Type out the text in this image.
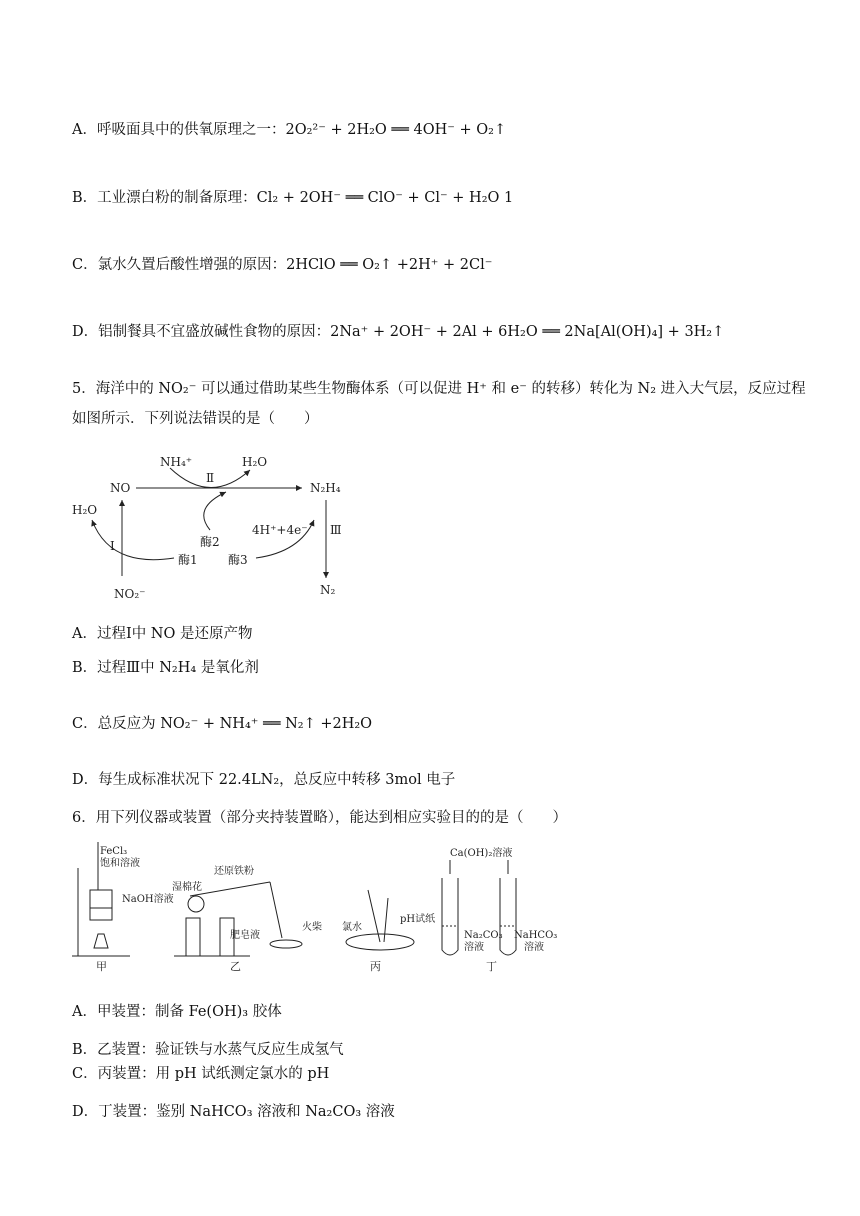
A．呼吸面具中的供氧原理之一：2O₂²⁻ + 2H₂O ══ 4OH⁻ + O₂↑
B．工业漂白粉的制备原理：Cl₂ + 2OH⁻ ══ ClO⁻ + Cl⁻ + H₂O 1
C．氯水久置后酸性增强的原因：2HClO ══ O₂↑ +2H⁺ + 2Cl⁻
D．铝制餐具不宜盛放碱性食物的原因：2Na⁺ + 2OH⁻ + 2Al + 6H₂O ══ 2Na[Al(OH)₄] + 3H₂↑
5．海洋中的 NO₂⁻ 可以通过借助某些生物酶体系（可以促进 H⁺ 和 e⁻ 的转移）转化为 N₂ 进入大气层，反应过程如图所示．下列说法错误的是（　　）
NO
H₂O
NO₂⁻
NH₄⁺	H₂O
N₂H₄
N₂
4H⁺+4e⁻
Ⅰ
Ⅱ
Ⅲ
酶1
酶2
酶3
A．过程Ⅰ中 NO 是还原产物
B．过程Ⅲ中 N₂H₄ 是氧化剂
C．总反应为 NO₂⁻ + NH₄⁺ ══ N₂↑ +2H₂O
D．每生成标准状况下 22.4LN₂，总反应中转移 3mol 电子
6．用下列仪器或装置（部分夹持装置略），能达到相应实验目的的是（　　）
FeCl₃
饱和溶液
NaOH溶液
湿棉花
还原铁粉
肥皂液
火柴 氯水
pH试纸
Ca(OH)₂溶液
Na₂CO₃
溶液
NaHCO₃
溶液
甲	乙	丙	丁
A．甲装置：制备 Fe(OH)₃ 胶体
B．乙装置：验证铁与水蒸气反应生成氢气
C．丙装置：用 pH 试纸测定氯水的 pH
D．丁装置：鉴别 NaHCO₃ 溶液和 Na₂CO₃ 溶液
